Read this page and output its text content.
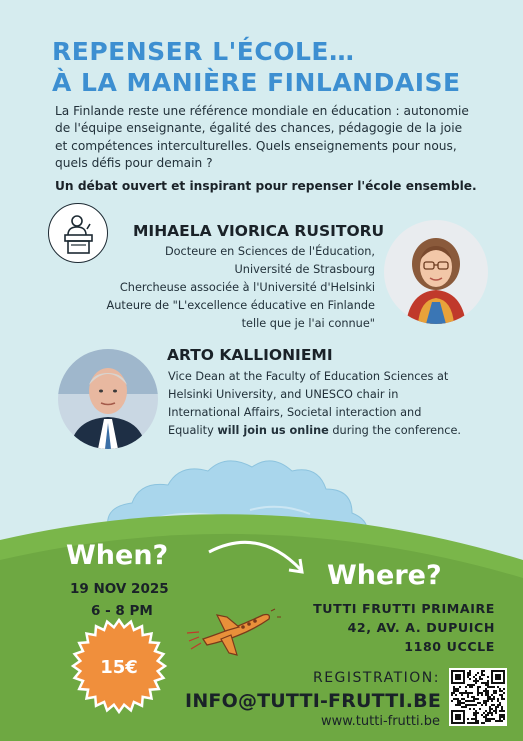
REPENSER L'ÉCOLE…
À LA MANIÈRE FINLANDAISE
La Finlande reste une référence mondiale en éducation : autonomie de l'équipe enseignante, égalité des chances, pédagogie de la joie et compétences interculturelles. Quels enseignements pour nous, quels défis pour demain ?
Un débat ouvert et inspirant pour repenser l'école ensemble.
MIHAELA VIORICA RUSITORU
Docteure en Sciences de l'Éducation,
Université de Strasbourg
Chercheuse associée à l'Université d'Helsinki
Auteure de "L'excellence éducative en Finlande
telle que je l'ai connue"
ARTO KALLIONIEMI
Vice Dean at the Faculty of Education Sciences at
Helsinki University, and UNESCO chair in
International Affairs, Societal interaction and
Equality will join us online during the conference.
When?
19 NOV 2025
6 - 8 PM
Where?
TUTTI FRUTTI PRIMAIRE
42, AV. A. DUPUICH
1180 UCCLE
15€	REGISTRATION:
INFO@TUTTI-FRUTTI.BE
www.tutti-frutti.be
